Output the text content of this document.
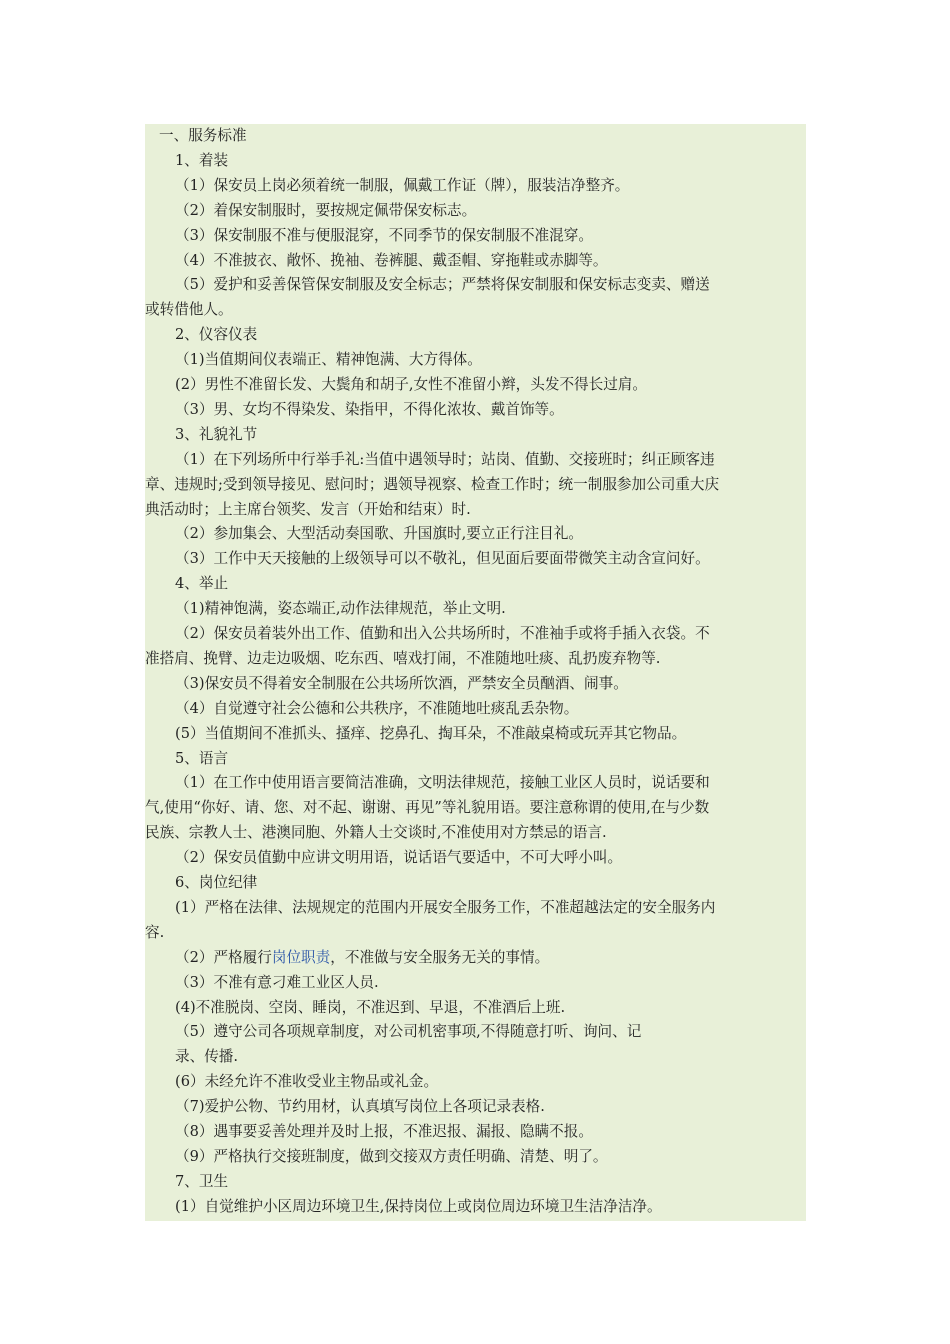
一、服务标准
1、着装
（1）保安员上岗必须着统一制服，佩戴工作证（牌），服装洁净整齐。
（2）着保安制服时，要按规定佩带保安标志。
（3）保安制服不准与便服混穿，不同季节的保安制服不准混穿。
（4）不准披衣、敞怀、挽袖、卷裤腿、戴歪帽、穿拖鞋或赤脚等。
（5）爱护和妥善保管保安制服及安全标志；严禁将保安制服和保安标志变卖、赠送
或转借他人。
2、仪容仪表
（1)当值期间仪表端正、精神饱满、大方得体。
(2）男性不准留长发、大鬓角和胡子,女性不准留小辫，头发不得长过肩。
（3）男、女均不得染发、染指甲，不得化浓妆、戴首饰等。
3、礼貌礼节
（1）在下列场所中行举手礼:当值中遇领导时；站岗、值勤、交接班时；纠正顾客违
章、违规时;受到领导接见、慰问时；遇领导视察、检查工作时；统一制服参加公司重大庆
典活动时；上主席台领奖、发言（开始和结束）时.
（2）参加集会、大型活动奏国歌、升国旗时,要立正行注目礼。
（3）工作中天天接触的上级领导可以不敬礼，但见面后要面带微笑主动含宣问好。
4、举止
（1)精神饱满，姿态端正,动作法律规范，举止文明.
（2）保安员着装外出工作、值勤和出入公共场所时，不准袖手或将手插入衣袋。不
准搭肩、挽臂、边走边吸烟、吃东西、嘻戏打闹，不准随地吐痰、乱扔废弃物等.
（3)保安员不得着安全制服在公共场所饮酒，严禁安全员酗酒、闹事。
（4）自觉遵守社会公德和公共秩序，不准随地吐痰乱丢杂物。
(5）当值期间不准抓头、搔痒、挖鼻孔、掏耳朵，不准敲桌椅或玩弄其它物品。
5、语言
（1）在工作中使用语言要简洁准确，文明法律规范，接触工业区人员时，说话要和
气,使用“你好、请、您、对不起、谢谢、再见”等礼貌用语。要注意称谓的使用,在与少数
民族、宗教人士、港澳同胞、外籍人士交谈时,不准使用对方禁忌的语言.
（2）保安员值勤中应讲文明用语，说话语气要适中，不可大呼小叫。
6、岗位纪律
(1）严格在法律、法规规定的范围内开展安全服务工作，不准超越法定的安全服务内
容.
（2）严格履行岗位职责，不准做与安全服务无关的事情。
（3）不准有意刁难工业区人员.
(4)不准脱岗、空岗、睡岗，不准迟到、早退，不准酒后上班.
（5）遵守公司各项规章制度，对公司机密事项,不得随意打听、询问、记
录、传播.
(6）未经允许不准收受业主物品或礼金。
（7)爱护公物、节约用材，认真填写岗位上各项记录表格.
（8）遇事要妥善处理并及时上报，不准迟报、漏报、隐瞒不报。
（9）严格执行交接班制度，做到交接双方责任明确、清楚、明了。
7、卫生
(1）自觉维护小区周边环境卫生,保持岗位上或岗位周边环境卫生洁净洁净。
